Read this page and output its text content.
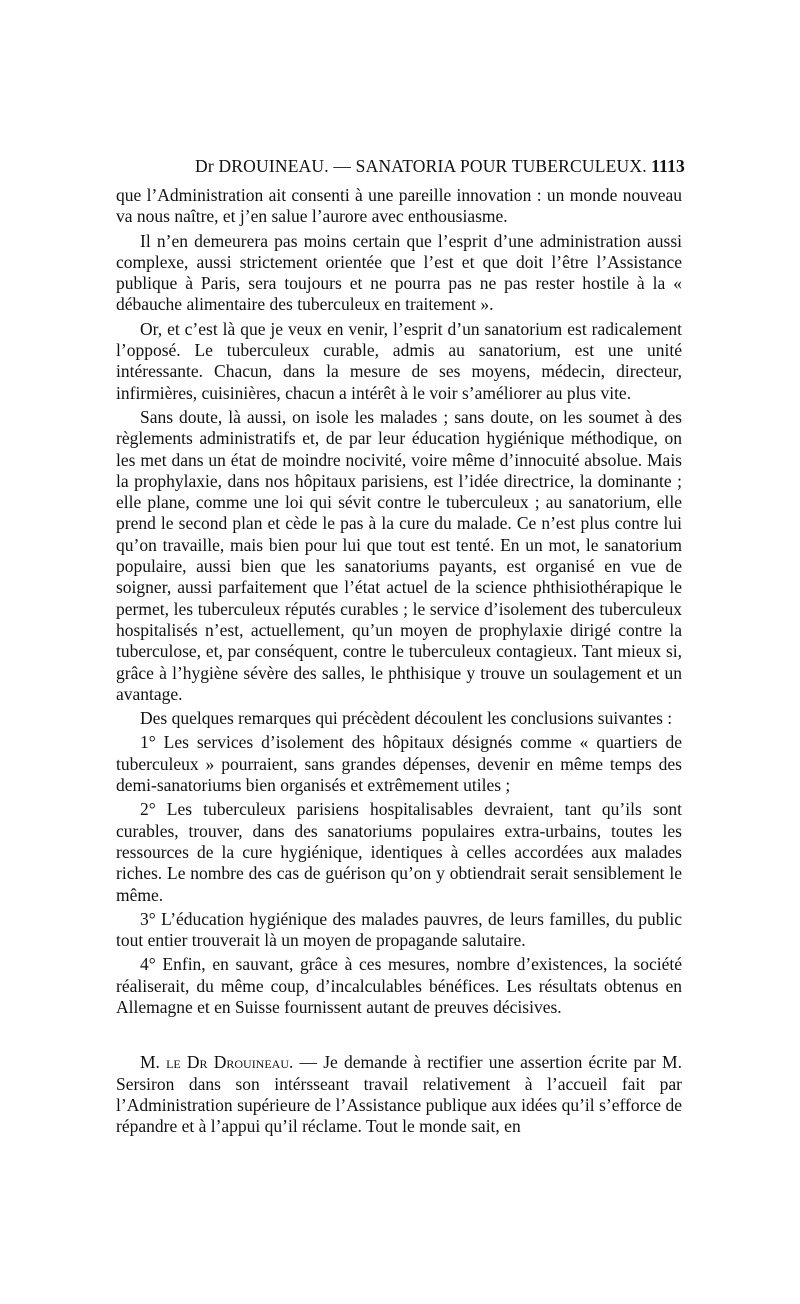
Dr DROUINEAU. — SANATORIA POUR TUBERCULEUX. 1113

que l’Administration ait consenti à une pareille innovation : un monde nouveau va nous naître, et j’en salue l’aurore avec enthousiasme.

Il n’en demeurera pas moins certain que l’esprit d’une administration aussi complexe, aussi strictement orientée que l’est et que doit l’être l’Assistance publique à Paris, sera toujours et ne pourra pas ne pas rester hostile à la « débauche alimentaire des tuberculeux en traitement ».

Or, et c’est là que je veux en venir, l’esprit d’un sanatorium est radicalement l’opposé. Le tuberculeux curable, admis au sanatorium, est une unité intéressante. Chacun, dans la mesure de ses moyens, médecin, directeur, infirmières, cuisinières, chacun a intérêt à le voir s’améliorer au plus vite.

Sans doute, là aussi, on isole les malades ; sans doute, on les soumet à des règlements administratifs et, de par leur éducation hygiénique méthodique, on les met dans un état de moindre nocivité, voire même d’innocuité absolue. Mais la prophylaxie, dans nos hôpitaux parisiens, est l’idée directrice, la dominante ; elle plane, comme une loi qui sévit contre le tuberculeux ; au sanatorium, elle prend le second plan et cède le pas à la cure du malade. Ce n’est plus contre lui qu’on travaille, mais bien pour lui que tout est tenté. En un mot, le sanatorium populaire, aussi bien que les sanatoriums payants, est organisé en vue de soigner, aussi parfaitement que l’état actuel de la science phthisiothérapique le permet, les tuberculeux réputés curables ; le service d’isolement des tuberculeux hospitalisés n’est, actuellement, qu’un moyen de prophylaxie dirigé contre la tuberculose, et, par conséquent, contre le tuberculeux contagieux. Tant mieux si, grâce à l’hygiène sévère des salles, le phthisique y trouve un soulagement et un avantage.

Des quelques remarques qui précèdent découlent les conclusions suivantes :

1° Les services d’isolement des hôpitaux désignés comme « quartiers de tuberculeux » pourraient, sans grandes dépenses, devenir en même temps des demi-sanatoriums bien organisés et extrêmement utiles ;

2° Les tuberculeux parisiens hospitalisables devraient, tant qu’ils sont curables, trouver, dans des sanatoriums populaires extra-urbains, toutes les ressources de la cure hygiénique, identiques à celles accordées aux malades riches. Le nombre des cas de guérison qu’on y obtiendrait serait sensiblement le même.

3° L’éducation hygiénique des malades pauvres, de leurs familles, du public tout entier trouverait là un moyen de propagande salutaire.

4° Enfin, en sauvant, grâce à ces mesures, nombre d’existences, la société réaliserait, du même coup, d’incalculables bénéfices. Les résultats obtenus en Allemagne et en Suisse fournissent autant de preuves décisives.

M. le Dr Drouineau. — Je demande à rectifier une assertion écrite par M. Sersiron dans son intérsseant travail relativement à l’accueil fait par l’Administration supérieure de l’Assistance publique aux idées qu’il s’efforce de répandre et à l’appui qu’il réclame. Tout le monde sait, en
